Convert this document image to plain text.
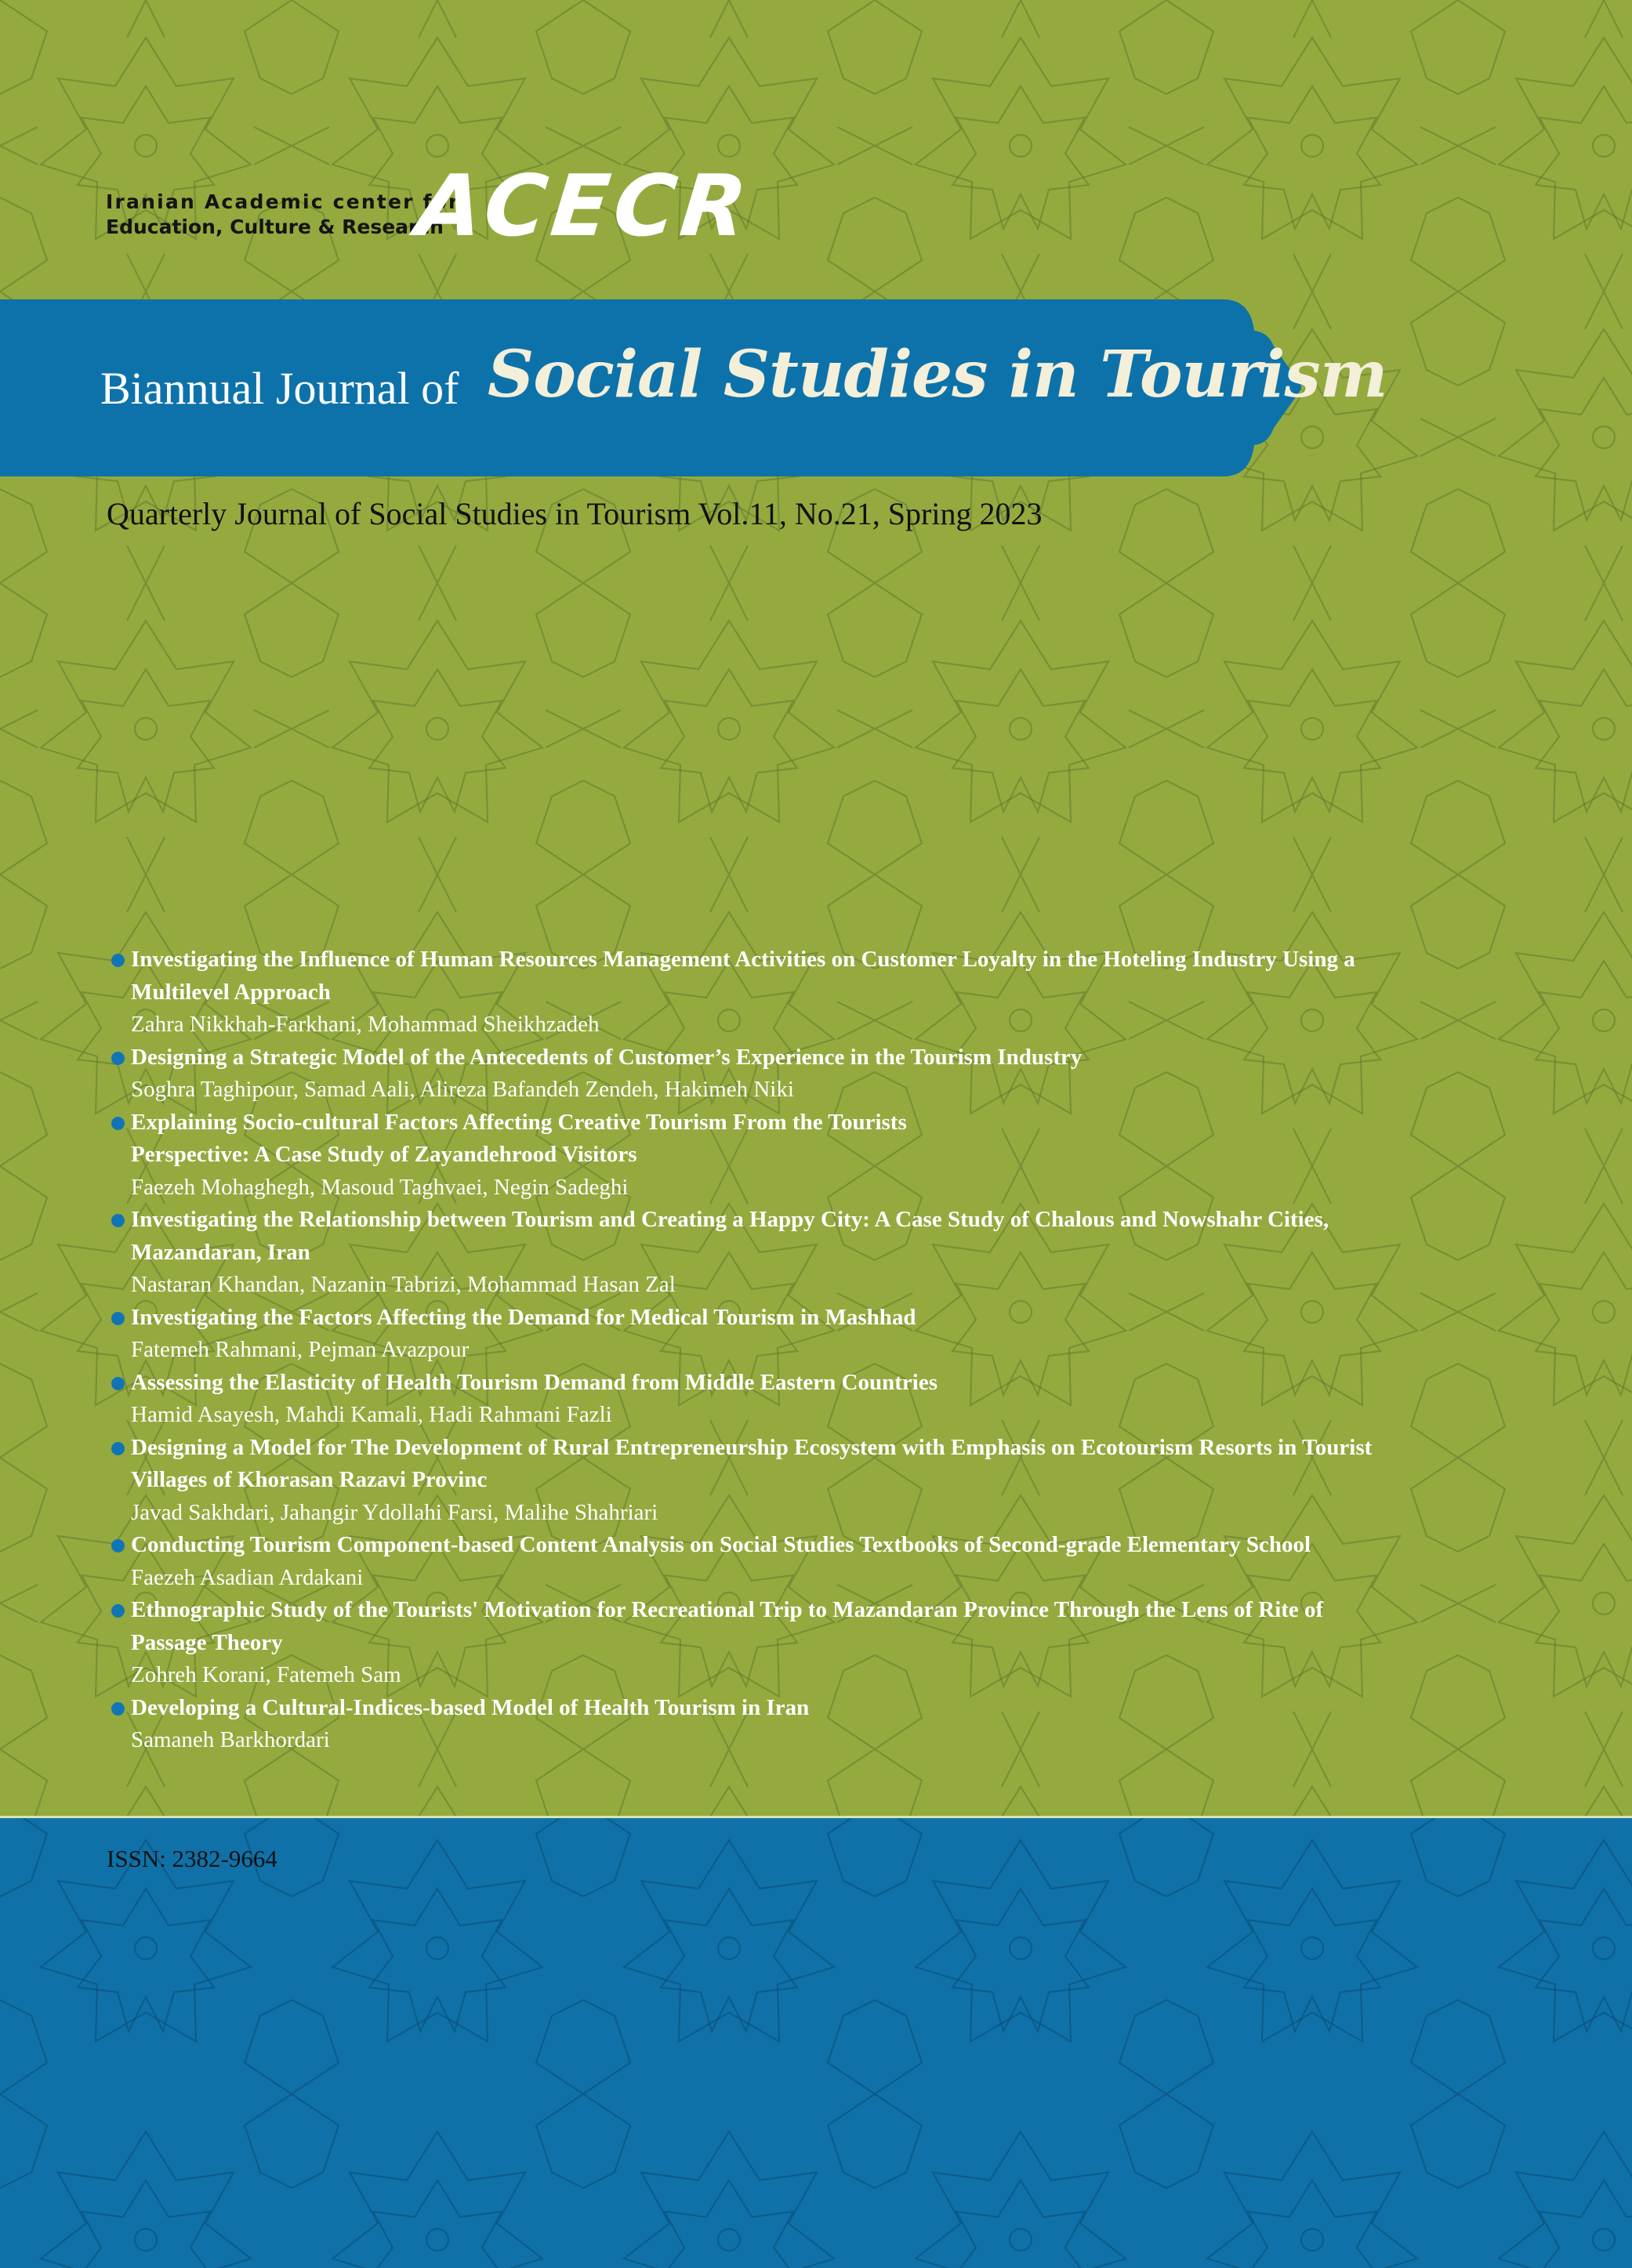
Iranian Academic center for
Education, Culture & Research
ACECR
Biannual Journal of Social Studies in Tourism
Quarterly Journal of Social Studies in Tourism Vol.11, No.21, Spring 2023
Investigating the Influence of Human Resources Management Activities on Customer Loyalty in the Hoteling Industry Using a
Multilevel Approach
Zahra Nikkhah-Farkhani, Mohammad Sheikhzadeh
Designing a Strategic Model of the Antecedents of Customer’s Experience in the Tourism Industry
Soghra Taghipour, Samad Aali, Alireza Bafandeh Zendeh, Hakimeh Niki
Explaining Socio-cultural Factors Affecting Creative Tourism From the Tourists
Perspective: A Case Study of Zayandehrood Visitors
Faezeh Mohaghegh, Masoud Taghvaei, Negin Sadeghi
Investigating the Relationship between Tourism and Creating a Happy City: A Case Study of Chalous and Nowshahr Cities,
Mazandaran, Iran
Nastaran Khandan, Nazanin Tabrizi, Mohammad Hasan Zal
Investigating the Factors Affecting the Demand for Medical Tourism in Mashhad
Fatemeh Rahmani, Pejman Avazpour
Assessing the Elasticity of Health Tourism Demand from Middle Eastern Countries
Hamid Asayesh, Mahdi Kamali, Hadi Rahmani Fazli
Designing a Model for The Development of Rural Entrepreneurship Ecosystem with Emphasis on Ecotourism Resorts in Tourist
Villages of Khorasan Razavi Provinc
Javad Sakhdari, Jahangir Ydollahi Farsi, Malihe Shahriari
Conducting Tourism Component-based Content Analysis on Social Studies Textbooks of Second-grade Elementary School
Faezeh Asadian Ardakani
Ethnographic Study of the Tourists' Motivation for Recreational Trip to Mazandaran Province Through the Lens of Rite of
Passage Theory
Zohreh Korani, Fatemeh Sam
Developing a Cultural-Indices-based Model of Health Tourism in Iran
Samaneh Barkhordari
ISSN: 2382-9664
